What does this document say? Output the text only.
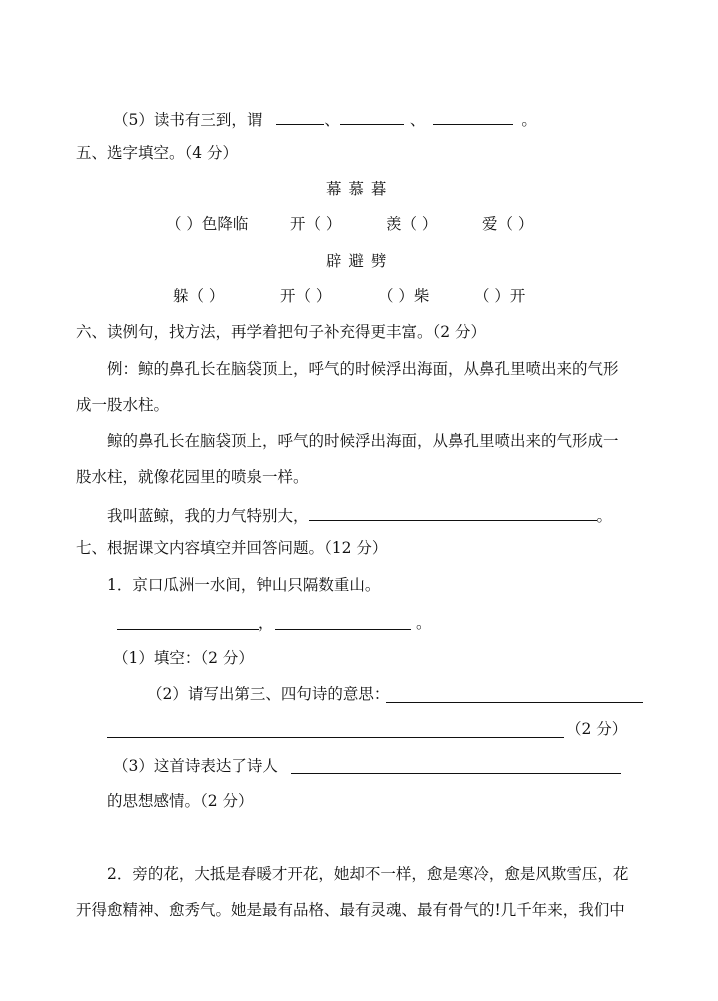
（5）读书有三到，谓	、	、	。
五、选字填空。（4 分）
幕 慕 暮
（ ）色降临	开（ ）	羡（ ）	爱（ ）
辟 避 劈
躲（ ）	开（ ）	（ ）柴	（ ）开
六、读例句，找方法，再学着把句子补充得更丰富。（2 分）
例：鲸的鼻孔长在脑袋顶上，呼气的时候浮出海面，从鼻孔里喷出来的气形
成一股水柱。
鲸的鼻孔长在脑袋顶上，呼气的时候浮出海面，从鼻孔里喷出来的气形成一
股水柱，就像花园里的喷泉一样。
我叫蓝鲸，我的力气特别大，	。
七、根据课文内容填空并回答问题。（12 分）
1．京口瓜洲一水间，钟山只隔数重山。
，	。
（1）填空：（2 分）
（2）请写出第三、四句诗的意思：
（2 分）
（3）这首诗表达了诗人
的思想感情。（2 分）
2．旁的花，大抵是春暖才开花，她却不一样，愈是寒冷，愈是风欺雪压，花
开得愈精神、愈秀气。她是最有品格、最有灵魂、最有骨气的!几千年来，我们中
